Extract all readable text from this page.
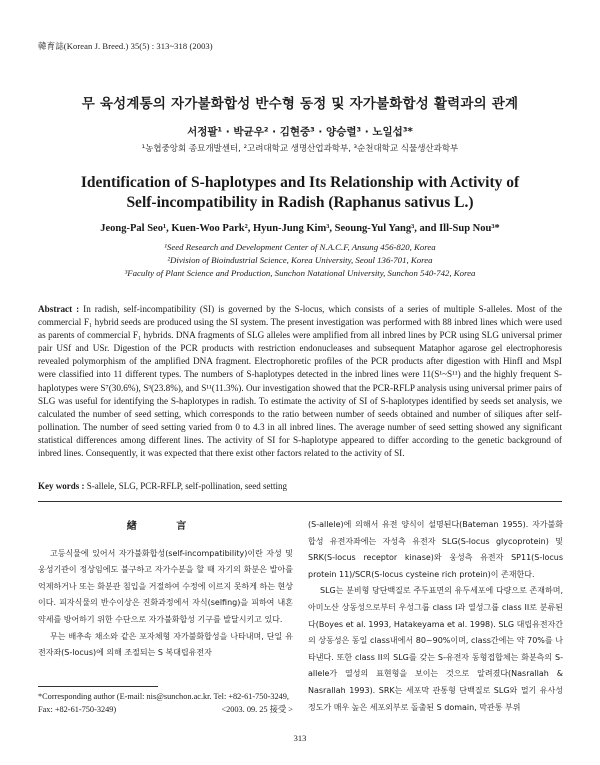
韓育誌(Korean J. Breed.) 35(5) : 313~318 (2003)
무 육성계통의 자가불화합성 반수형 동정 및 자가불화합성 활력과의 관계
서정팔¹ · 박균우² · 김현중³ · 양승렬³ · 노일섭³*
¹농협중앙회 종묘개발센터, ²고려대학교 생명산업과학부, ³순천대학교 식물생산과학부
Identification of S-haplotypes and Its Relationship with Activity of
Self-incompatibility in Radish (Raphanus sativus L.)
Jeong-Pal Seo¹, Kuen-Woo Park², Hyun-Jung Kim³, Seoung-Yul Yang³, and Ill-Sup Nou³*
¹Seed Research and Development Center of N.A.C.F, Ansung 456-820, Korea
²Division of Bioindustrial Science, Korea University, Seoul 136-701, Korea
³Faculty of Plant Science and Production, Sunchon Natational University, Sunchon 540-742, Korea
Abstract : In radish, self-incompatibility (SI) is governed by the S-locus, which consists of a series of multiple S-alleles. Most of the commercial F₁ hybrid seeds are produced using the SI system. The present investigation was performed with 88 inbred lines which were used as parents of commercial F₁ hybrids. DNA fragments of SLG alleles were amplified from all inbred lines by PCR using SLG universal primer pair USf and USr. Digestion of the PCR products with restriction endonucleases and subsequent Mataphor agarose gel electrophoresis revealed polymorphism of the amplified DNA fragment. Electrophoretic profiles of the PCR products after digestion with HinfI and MspI were classified into 11 different types. The numbers of S-haplotypes detected in the inbred lines were 11(S¹~S¹¹) and the highly frequent S-haplotypes were S⁷(30.6%), S³(23.8%), and S¹¹(11.3%). Our investigation showed that the PCR-RFLP analysis using universal primer pairs of SLG was useful for identifying the S-haplotypes in radish. To estimate the activity of SI of S-haplotypes identified by seeds set analysis, we calculated the number of seed setting, which corresponds to the ratio between number of seeds obtained and number of siliques after self-pollination. The number of seed setting varied from 0 to 4.3 in all inbred lines. The average number of seed setting showed any significant statistical differences among different lines. The activity of SI for S-haplotype appeared to differ according to the genetic background of inbred lines. Consequently, it was expected that there exist other factors related to the activity of SI.
Key words : S-allele, SLG, PCR-RFLP, self-pollination, seed setting

緖 言

고등식물에 있어서 자가불화합성(self-incompatibility)이란 자성 및 웅성기관이 정상임에도 불구하고 자가수분을 할 때 자기의 화분은 발아를 억제하거나 또는 화분관 침입을 거절하여 수정에 이르지 못하게 하는 현상이다. 피자식물의 반수이상은 진화과정에서 자식(selfing)을 피하여 내혼약세를 방어하기 위한 수단으로 자가불화합성 기구를 발달시키고 있다.

무는 배추속 채소와 같은 포자체형 자가불화합성을 나타내며, 단일 유전자좌(S-locus)에 의해 조절되는 S 복대립유전자

(S-allele)에 의해서 유전 양식이 설명된다(Bateman 1955). 자가불화합성 유전자좌에는 자성측 유전자 SLG(S-locus glycoprotein) 및 SRK(S-locus receptor kinase)와 웅성측 유전자 SP11(S-locus protein 11)/SCR(S-locus cysteine rich protein)이 존재한다.

SLG는 분비형 당단백질로 주두표면의 유두세포에 다량으로 존재하며, 아미노산 상동성으로부터 우성그룹 class I과 열성그룹 class II로 분류된다(Boyes et al. 1993, Hatakeyama et al. 1998). SLG 대립유전자간의 상동성은 동일 class내에서 80~90%이며, class간에는 약 70%를 나타낸다. 또한 class II의 SLG를 갖는 S-유전자 동형접합체는 화분측의 S-allele가 열성의 표현형을 보이는 것으로 알려졌다(Nasrallah & Nasrallah 1993). SRK는 세포막 관통형 단백질로 SLG와 멀기 유사성 정도가 매우 높은 세포외부로 돌출된 S domain, 막관통 부위

*Corresponding author (E-mail: nis@sunchon.ac.kr. Tel: +82-61-750-3249, Fax: +82-61-750-3249)	<2003. 09. 25 接受 >
313
